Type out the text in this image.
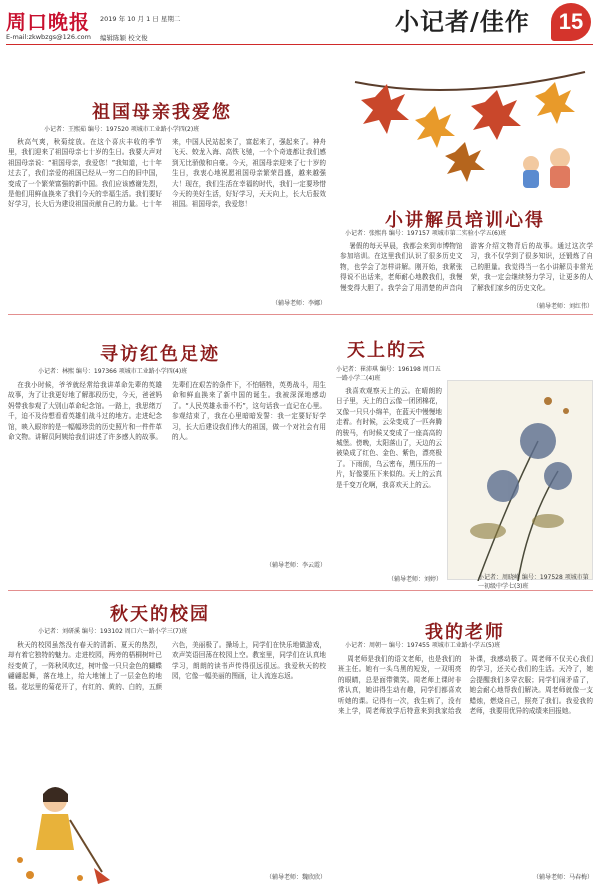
周口晚报 2019 年 10 月 1 日 星期二
E-mail:zkwbzgs@126.com 编辑陈颖 校文俊
小记者/佳作	15
祖国母亲我爱您
小记者：王熙茹 编号：197520 项城市工业路小学四(2)班
秋高气爽，秋菊绽放。在这个喜庆丰收的季节里，我们迎来了祖国母亲七十岁的生日。我要大声对祖国母亲说：“祖国母亲，我爱您！”我知道，七十年过去了，我们亲爱的祖国已经从一穷二白的旧中国，变成了一个繁荣富强的新中国。我们应该感谢先烈，是他们用鲜血换来了我们今天的幸福生活。我们要好好学习，长大后为建设祖国贡献自己的力量。七十年来，中国人民站起来了，富起来了，强起来了。神舟飞天、蛟龙入海、高铁飞驰，一个个奇迹都让我们感到无比骄傲和自豪。今天，祖国母亲迎来了七十岁的生日，我衷心地祝愿祖国母亲繁荣昌盛，越来越强大！现在，我们生活在幸福的时代，我们一定要珍惜今天的美好生活，好好学习，天天向上，长大后报效祖国。祖国母亲，我爱您！
（辅导老师：李娜）
小讲解员培训心得
小记者：张熙冉 编号：197157 项城市第二实验小学五(6)班
暑假的每天早晨，我都会来到市博物馆参加培训。在这里我们认识了很多历史文物，也学会了怎样讲解。刚开始，我紧张得说不出话来，老师耐心地教我们，我慢慢变得大胆了。我学会了用清楚的声音向游客介绍文物背后的故事。通过这次学习，我不仅学到了很多知识，还锻炼了自己的胆量。我觉得当一名小讲解员非常光荣，我一定会继续努力学习，让更多的人了解我们家乡的历史文化。
（辅导老师：刘红伟）
寻访红色足迹
小记者：林熙 编号：197366 项城市工业路小学四(4)班
在我小时候，爷爷就经常给我讲革命先辈的英雄故事，为了让我更好地了解那段历史，今天，爸爸妈妈带我参观了大别山革命纪念馆。一路上，我思绪万千，迫不及待想看看英雄们战斗过的地方。走进纪念馆，映入眼帘的是一幅幅珍贵的历史照片和一件件革命文物。讲解员阿姨给我们讲述了许多感人的故事。先辈们在艰苦的条件下，不怕牺牲，英勇战斗，用生命和鲜血换来了新中国的诞生。我被深深地感动了。“人民英雄永垂不朽”，这句话我一直记在心里。参观结束了，我在心里暗暗发誓：我一定要好好学习，长大后建设我们伟大的祖国，做一个对社会有用的人。
（辅导老师：李云霞）
天上的云
小记者：崔沛琪 编号：196198 周口五一路小学二(4)班
我喜欢观察天上的云。在晴朗的日子里，天上的白云像一团团棉花，又像一只只小绵羊，在蓝天中慢慢地走着。有时候，云朵变成了一匹奔腾的骏马，有时候又变成了一座高高的城堡。傍晚，太阳落山了，天边的云被染成了红色、金色、紫色，漂亮极了。下雨前，乌云密布，黑压压的一片，好像要压下来似的。天上的云真是千变万化啊，我喜欢天上的云。
（辅导老师：刘婷）	小记者：周晓峰 编号：197528 项城市第一初级中学七(3)班
秋天的校园
小记者：刘研溪 编号：193102 周口六一路小学三(7)班
秋天的校园虽然没有春天的清新、夏天的热烈，却有着它独特的魅力。走进校园，两旁的梧桐树叶已经变黄了，一阵秋风吹过，树叶像一只只金色的蝴蝶翩翩起舞，落在地上，给大地铺上了一层金色的地毯。花坛里的菊花开了，有红的、黄的、白的，五颜六色，美丽极了。操场上，同学们在快乐地做游戏，欢声笑语回荡在校园上空。教室里，同学们在认真地学习，朗朗的读书声传得很远很远。我爱秋天的校园，它像一幅美丽的图画，让人流连忘返。
（辅导老师：魏欣欣）
我的老师
小记者：周朝一 编号：197455 项城市工业路小学五(5)班
周老师是我们的语文老师，也是我们的班主任。她有一头乌黑的短发，一双明亮的眼睛，总是面带微笑。周老师上课时非常认真，她讲得生动有趣，同学们都喜欢听她的课。记得有一次，我生病了，没有来上学，周老师放学后特意来到我家给我补课，我感动极了。周老师不仅关心我们的学习，还关心我们的生活。天冷了，她会提醒我们多穿衣服；同学们闹矛盾了，她会耐心地帮我们解决。周老师就像一支蜡烛，燃烧自己，照亮了我们。我爱我的老师，我要用优异的成绩来回报她。
（辅导老师：马春梅）
